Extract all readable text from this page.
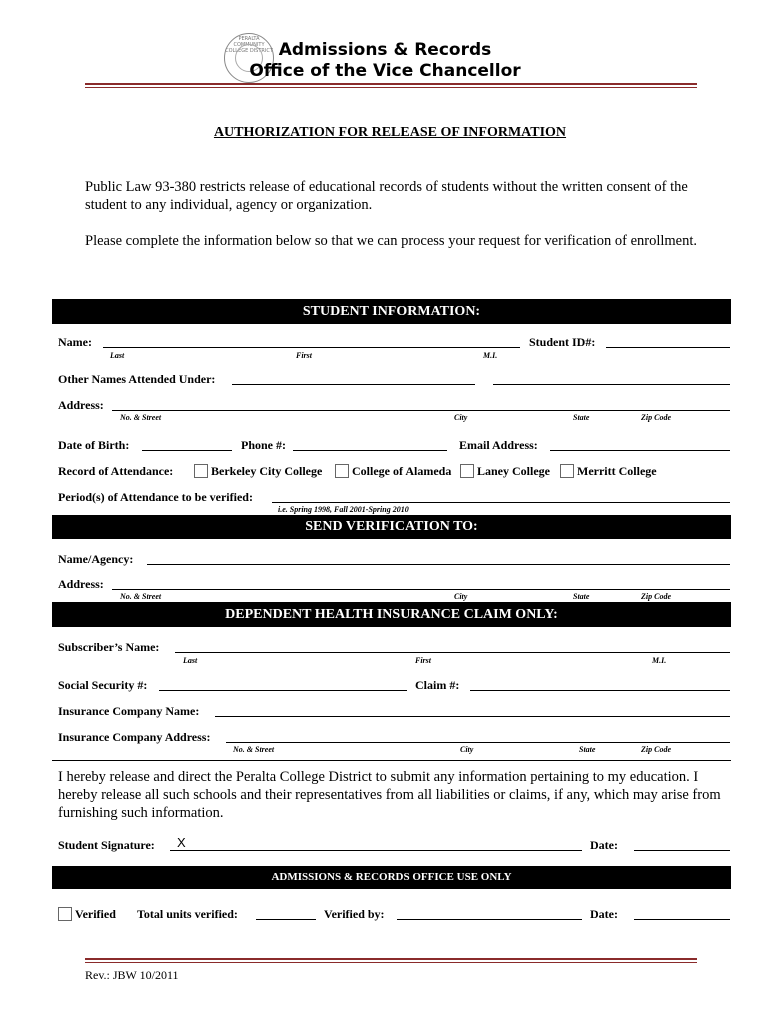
PERALTA COMMUNITY COLLEGE DISTRICT Admissions & Records
Office of the Vice Chancellor
AUTHORIZATION FOR RELEASE OF INFORMATION
Public Law 93-380 restricts release of educational records of students without the written consent of the student to any individual, agency or organization.
Please complete the information below so that we can process your request for verification of enrollment.
STUDENT INFORMATION:
Name:
Last	First	M.I.
Student ID#:
Other Names Attended Under:
Address:
No. & Street	City	State	Zip Code
Date of Birth:	Phone #:	Email Address:
Record of Attendance:	Berkeley City College College of Alameda Laney College Merritt College
Period(s) of Attendance to be verified:
i.e. Spring 1998, Fall 2001-Spring 2010
SEND VERIFICATION TO:
Name/Agency:
Address:
No. & Street	City	State	Zip Code
DEPENDENT HEALTH INSURANCE CLAIM ONLY:
Subscriber’s Name:
Last	First	M.I.
Social Security #:	Claim #:
Insurance Company Name:
Insurance Company Address:
No. & Street	City	State	Zip Code
I hereby release and direct the Peralta College District to submit any information pertaining to my education. I hereby release all such schools and their representatives from all liabilities or claims, if any, which may arise from furnishing such information.
Student Signature: X	Date:
ADMISSIONS & RECORDS OFFICE USE ONLY
Verified Total units verified:	Verified by:	Date:
Rev.: JBW 10/2011
